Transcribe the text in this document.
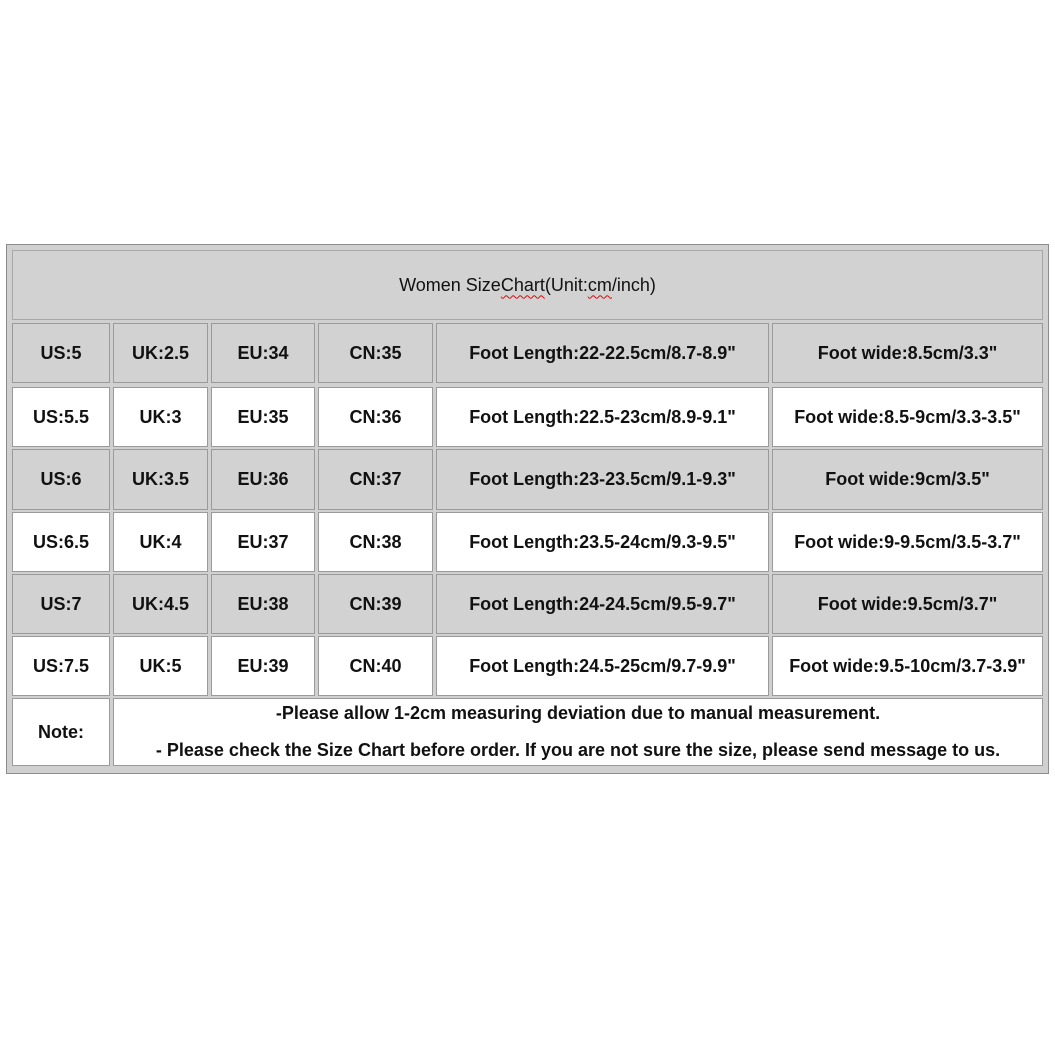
Women Size Chart (Unit: cm /inch)
US:5	UK:2.5	EU:34	CN:35	Foot Length:22-22.5cm/8.7-8.9"	Foot wide:8.5cm/3.3"
US:5.5	UK:3	EU:35	CN:36	Foot Length:22.5-23cm/8.9-9.1"	Foot wide:8.5-9cm/3.3-3.5"
US:6	UK:3.5	EU:36	CN:37	Foot Length:23-23.5cm/9.1-9.3"	Foot wide:9cm/3.5"
US:6.5	UK:4	EU:37	CN:38	Foot Length:23.5-24cm/9.3-9.5"	Foot wide:9-9.5cm/3.5-3.7"
US:7	UK:4.5	EU:38	CN:39	Foot Length:24-24.5cm/9.5-9.7"	Foot wide:9.5cm/3.7"
US:7.5	UK:5	EU:39	CN:40	Foot Length:24.5-25cm/9.7-9.9"	Foot wide:9.5-10cm/3.7-3.9"
Note:
-Please allow 1-2cm measuring deviation due to manual measurement.
- Please check the Size Chart before order. If you are not sure the size, please send message to us.
